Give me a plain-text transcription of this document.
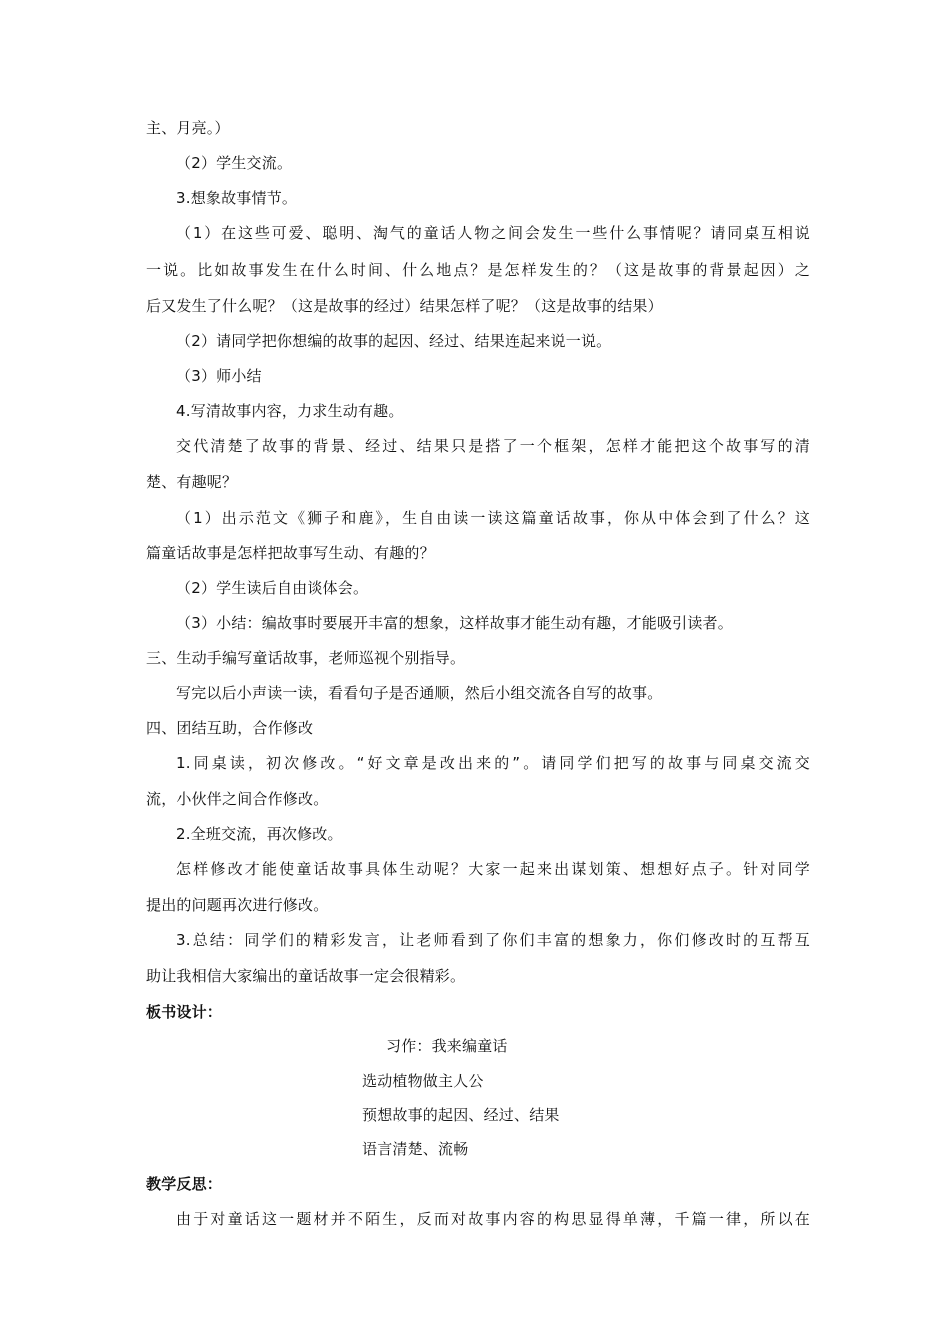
主、月亮。）
（2）学生交流。
3.想象故事情节。
（1）在这些可爱、聪明、淘气的童话人物之间会发生一些什么事情呢？请同桌互相说
一说。比如故事发生在什么时间、什么地点？是怎样发生的？（这是故事的背景起因）之
后又发生了什么呢？（这是故事的经过）结果怎样了呢？（这是故事的结果）
（2）请同学把你想编的故事的起因、经过、结果连起来说一说。
（3）师小结
4.写清故事内容，力求生动有趣。
交代清楚了故事的背景、经过、结果只是搭了一个框架，怎样才能把这个故事写的清
楚、有趣呢？
（1）出示范文《狮子和鹿》，生自由读一读这篇童话故事，你从中体会到了什么？这
篇童话故事是怎样把故事写生动、有趣的？
（2）学生读后自由谈体会。
（3）小结：编故事时要展开丰富的想象，这样故事才能生动有趣，才能吸引读者。
三、生动手编写童话故事，老师巡视个别指导。
写完以后小声读一读，看看句子是否通顺，然后小组交流各自写的故事。
四、团结互助，合作修改
1.同桌读，初次修改。“好文章是改出来的”。请同学们把写的故事与同桌交流交
流，小伙伴之间合作修改。
2.全班交流，再次修改。
怎样修改才能使童话故事具体生动呢？大家一起来出谋划策、想想好点子。针对同学
提出的问题再次进行修改。
3.总结：同学们的精彩发言，让老师看到了你们丰富的想象力，你们修改时的互帮互
助让我相信大家编出的童话故事一定会很精彩。
板书设计：
习作：我来编童话
选动植物做主人公
预想故事的起因、经过、结果
语言清楚、流畅
教学反思：
由于对童话这一题材并不陌生，反而对故事内容的构思显得单薄，千篇一律，所以在
